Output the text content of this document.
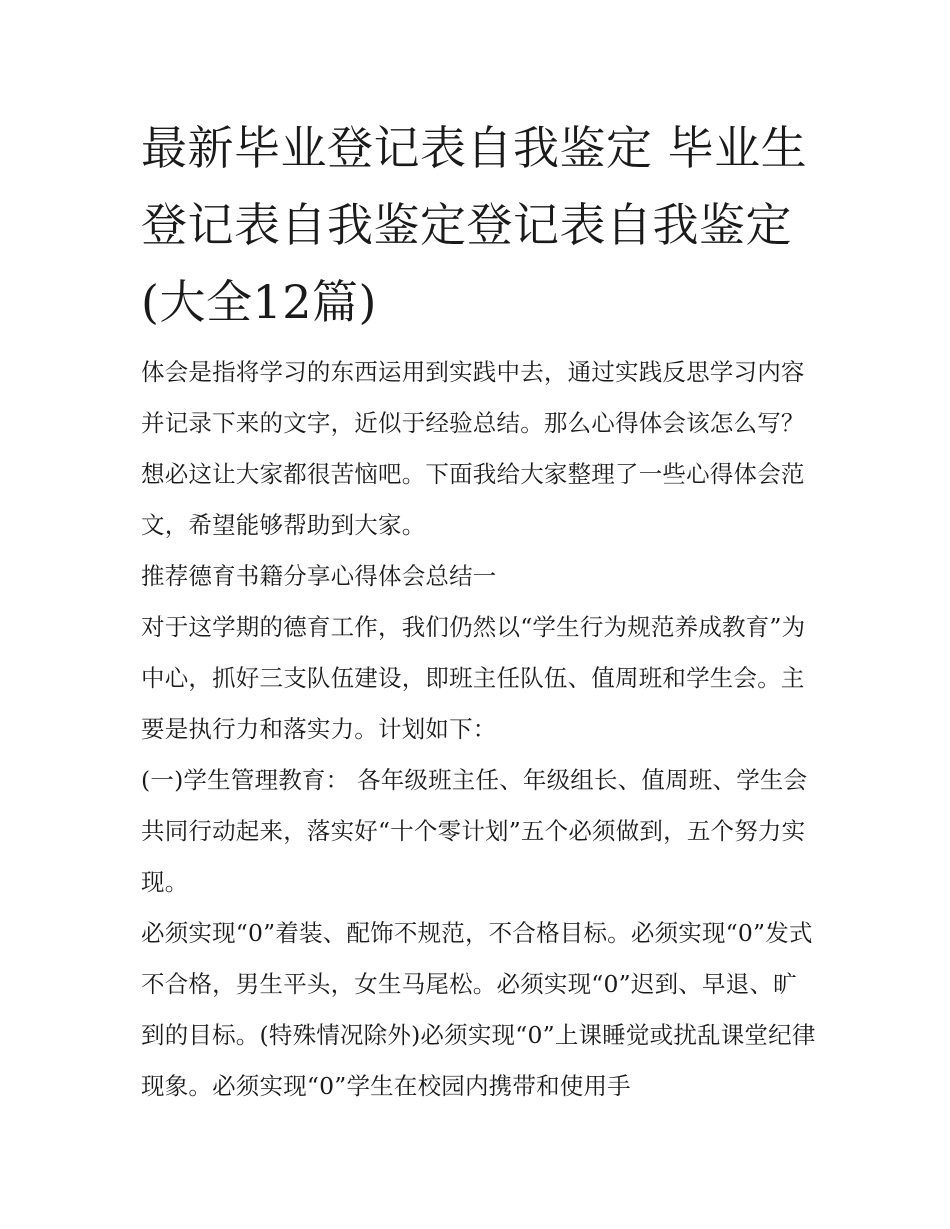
最新毕业登记表自我鉴定 毕业生登记表自我鉴定登记表自我鉴定(大全12篇)

体会是指将学习的东西运用到实践中去，通过实践反思学习内容并记录下来的文字，近似于经验总结。那么心得体会该怎么写？想必这让大家都很苦恼吧。下面我给大家整理了一些心得体会范文，希望能够帮助到大家。

推荐德育书籍分享心得体会总结一

对于这学期的德育工作，我们仍然以“学生行为规范养成教育”为中心，抓好三支队伍建设，即班主任队伍、值周班和学生会。主要是执行力和落实力。计划如下：

(一)学生管理教育： 各年级班主任、年级组长、值周班、学生会共同行动起来，落实好“十个零计划”五个必须做到，五个努力实现。

必须实现“0”着装、配饰不规范，不合格目标。必须实现“0”发式不合格，男生平头，女生马尾松。必须实现“0”迟到、早退、旷到的目标。(特殊情况除外)必须实现“0”上课睡觉或扰乱课堂纪律现象。必须实现“0”学生在校园内携带和使用手
